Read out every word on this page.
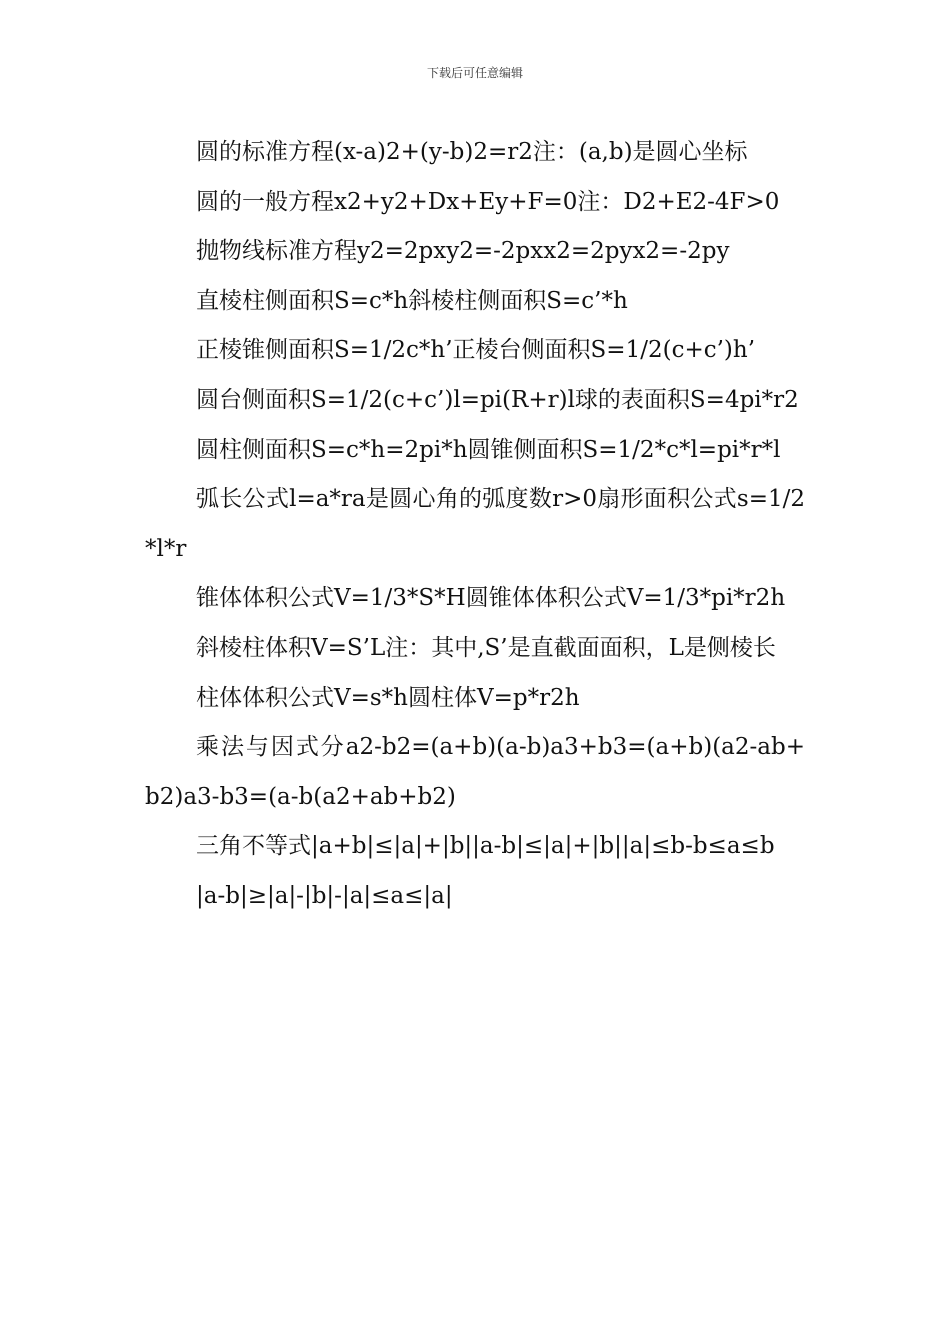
下载后可任意编辑

圆的标准方程(x-a)2+(y-b)2=r2注：(a,b)是圆心坐标

圆的一般方程x2+y2+Dx+Ey+F=0注：D2+E2-4F>0

抛物线标准方程y2=2pxy2=-2pxx2=2pyx2=-2py

直棱柱侧面积S=c*h斜棱柱侧面积S=c’*h

正棱锥侧面积S=1/2c*h’正棱台侧面积S=1/2(c+c’)h’

圆台侧面积S=1/2(c+c’)l=pi(R+r)l球的表面积S=4pi*r2

圆柱侧面积S=c*h=2pi*h圆锥侧面积S=1/2*c*l=pi*r*l

弧长公式l=a*ra是圆心角的弧度数r>0扇形面积公式s=1/2*l*r

锥体体积公式V=1/3*S*H圆锥体体积公式V=1/3*pi*r2h

斜棱柱体积V=S’L注：其中,S’是直截面面积，L是侧棱长

柱体体积公式V=s*h圆柱体V=p*r2h

乘法与因式分a2-b2=(a+b)(a-b)a3+b3=(a+b)(a2-ab+b2)a3-b3=(a-b(a2+ab+b2)

三角不等式|a+b|≤|a|+|b||a-b|≤|a|+|b||a|≤b-b≤a≤b

|a-b|≥|a|-|b|-|a|≤a≤|a|
